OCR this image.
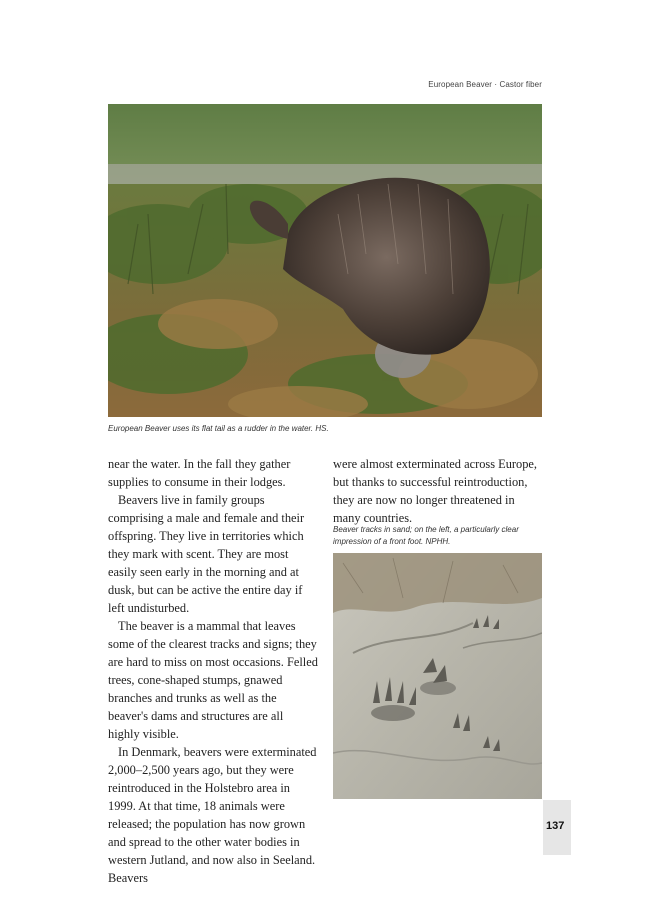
European Beaver · Castor fiber
European Beaver uses its flat tail as a rudder in the water. HS.

near the water. In the fall they gather supplies to consume in their lodges.

Beavers live in family groups comprising a male and female and their offspring. They live in territories which they mark with scent. They are most easily seen early in the morning and at dusk, but can be active the entire day if left undisturbed.

The beaver is a mammal that leaves some of the clearest tracks and signs; they are hard to miss on most occasions. Felled trees, cone-shaped stumps, gnawed branches and trunks as well as the beaver's dams and structures are all highly visible.

In Denmark, beavers were exterminated 2,000–2,500 years ago, but they were reintroduced in the Holstebro area in 1999. At that time, 18 animals were released; the population has now grown and spread to the other water bodies in western Jutland, and now also in Seeland. Beavers

were almost exterminated across Europe, but thanks to successful reintroduction, they are now no longer threatened in many countries.

Beaver tracks in sand; on the left, a particularly clear impression of a front foot. NPHH.
137
